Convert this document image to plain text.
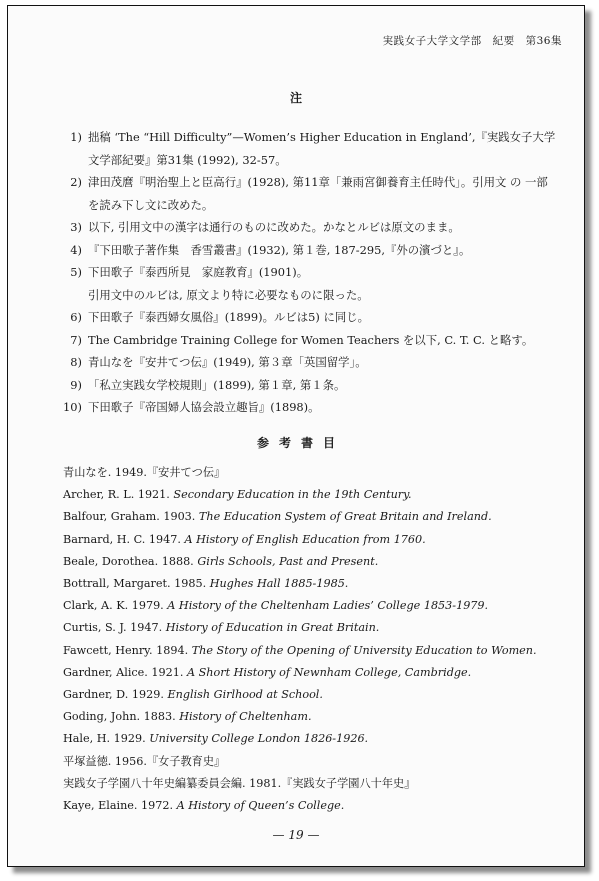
実践女子大学文学部　紀要　第36集
注
1) 拙稿 ‘The “Hill Difficulty”—Women’s Higher Education in England’,『実践女子大学
文学部紀要』第31集 (1992), 32-57。
2) 津田茂麿『明治聖上と臣高行』(1928), 第11章「兼雨宮御養育主任時代」。引用文 の 一部
を読み下し文に改めた。
3) 以下, 引用文中の漢字は通行のものに改めた。かなとルビは原文のまま。
4) 『下田歌子著作集　香雪叢書』(1932), 第１巻, 187-295,『外の濱づと』。
5) 下田歌子『泰西所見　家庭教育』(1901)。
引用文中のルビは, 原文より特に必要なものに限った。
6) 下田歌子『泰西婦女風俗』(1899)。ルビは5) に同じ。
7) The Cambridge Training College for Women Teachers を以下, C. T. C. と略す。
8) 青山なを『安井てつ伝』(1949), 第３章「英国留学」。
9) 「私立実践女学校規則」(1899), 第１章, 第１条。
10) 下田歌子『帝国婦人協会設立趣旨』(1898)。
参考書目
青山なを. 1949.『安井てつ伝』
Archer, R. L. 1921. Secondary Education in the 19th Century.
Balfour, Graham. 1903. The Education System of Great Britain and Ireland.
Barnard, H. C. 1947. A History of English Education from 1760.
Beale, Dorothea. 1888. Girls Schools, Past and Present.
Bottrall, Margaret. 1985. Hughes Hall 1885-1985.
Clark, A. K. 1979. A History of the Cheltenham Ladies’ College 1853-1979.
Curtis, S. J. 1947. History of Education in Great Britain.
Fawcett, Henry. 1894. The Story of the Opening of University Education to Women.
Gardner, Alice. 1921. A Short History of Newnham College, Cambridge.
Gardner, D. 1929. English Girlhood at School.
Goding, John. 1883. History of Cheltenham.
Hale, H. 1929. University College London 1826-1926.
平塚益徳. 1956.『女子教育史』
実践女子学園八十年史編纂委員会編. 1981.『実践女子学園八十年史』
Kaye, Elaine. 1972. A History of Queen’s College.
— 19 —
